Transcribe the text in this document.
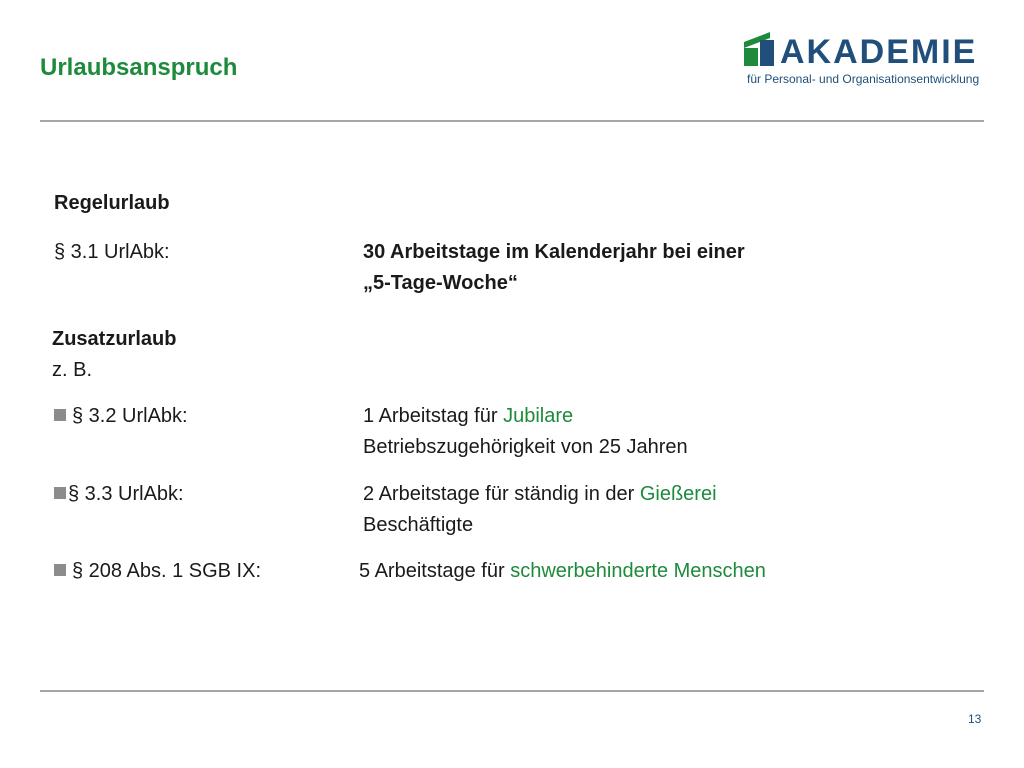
Urlaubsanspruch	AKADEMIE
für Personal- und Organisationsentwicklung
Regelurlaub
§ 3.1 UrlAbk:	30 Arbeitstage im Kalenderjahr bei einer
„5-Tage-Woche“
Zusatzurlaub
z. B.
§ 3.2 UrlAbk:	1 Arbeitstag für Jubilare
Betriebszugehörigkeit von 25 Jahren
§ 3.3 UrlAbk:	2 Arbeitstage für ständig in der Gießerei
Beschäftigte
§ 208 Abs. 1 SGB IX:	5 Arbeitstage für schwerbehinderte Menschen
13
